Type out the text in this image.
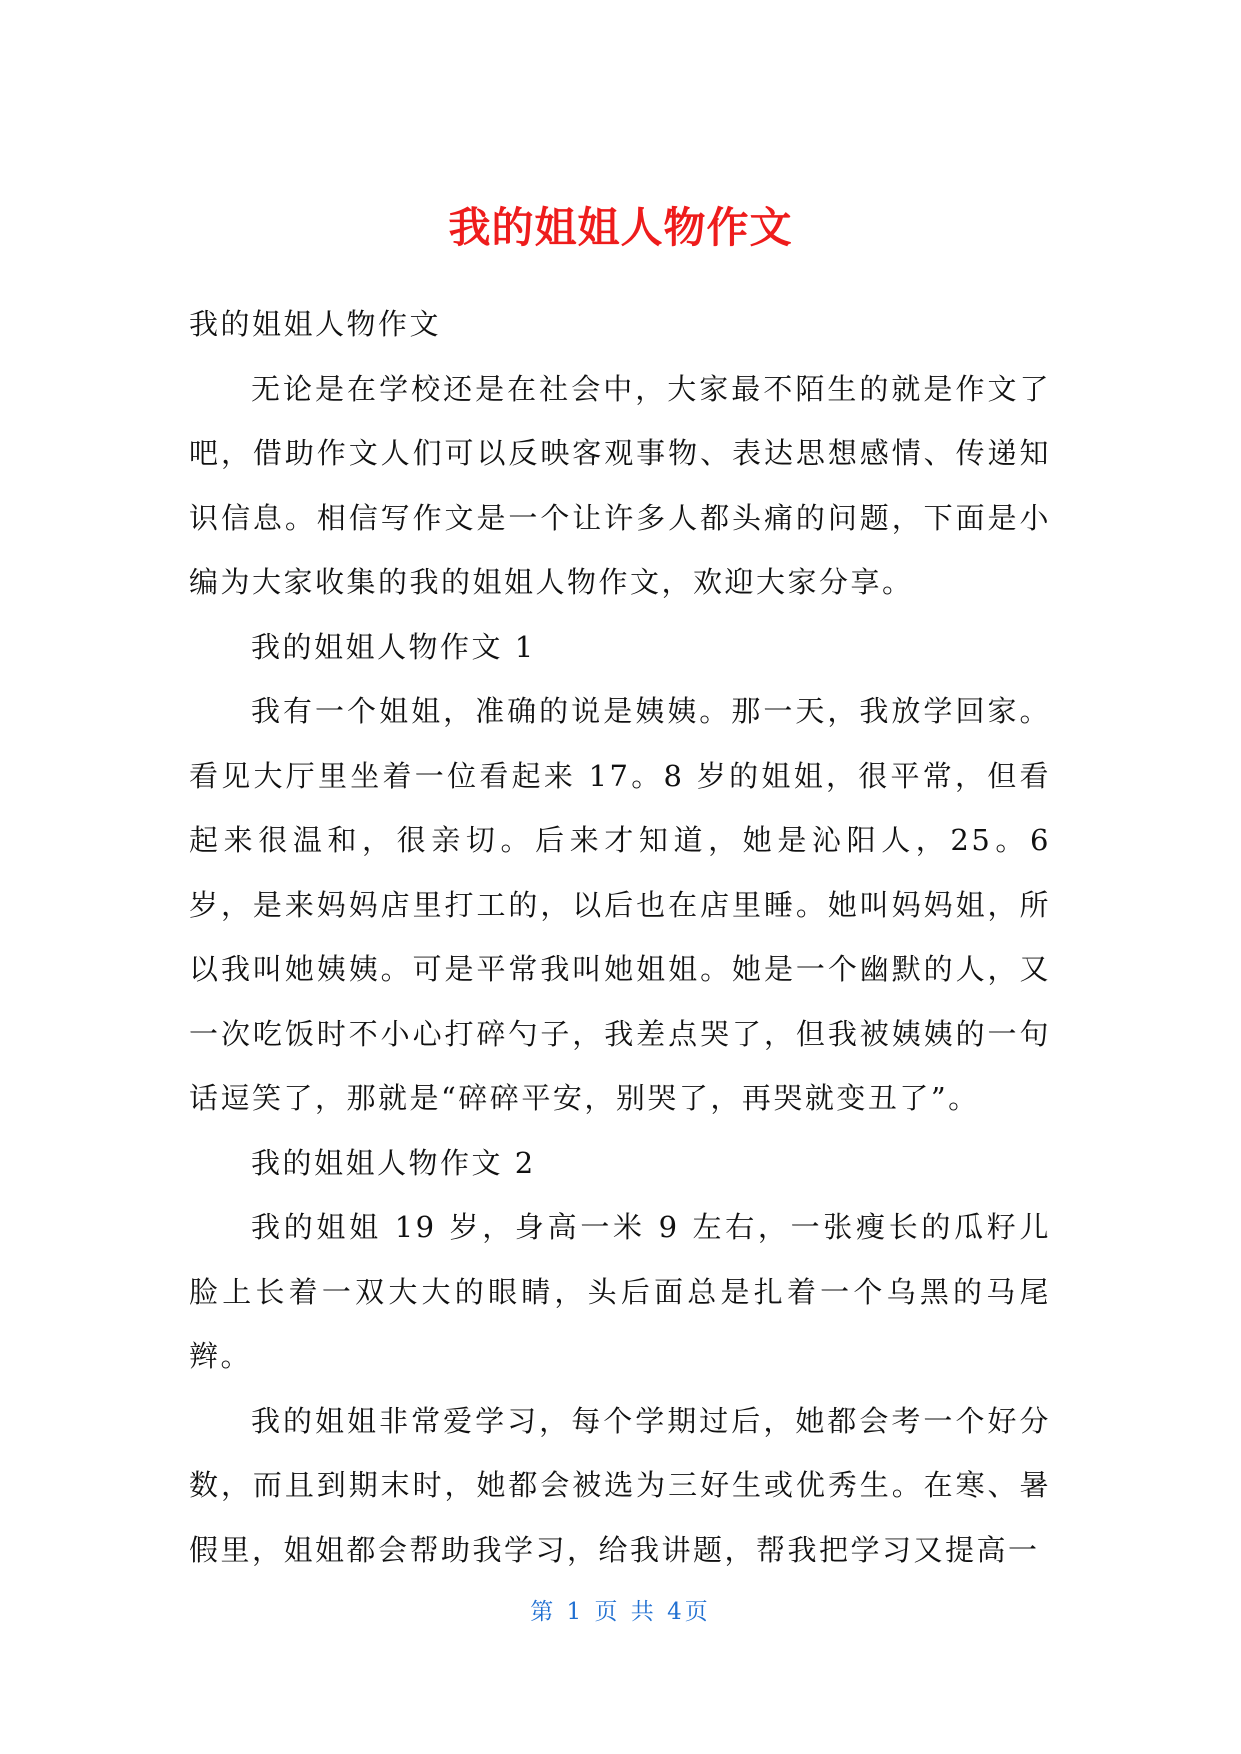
我的姐姐人物作文

我的姐姐人物作文

无论是在学校还是在社会中，大家最不陌生的就是作文了吧，借助作文人们可以反映客观事物、表达思想感情、传递知识信息。相信写作文是一个让许多人都头痛的问题，下面是小编为大家收集的我的姐姐人物作文，欢迎大家分享。

我的姐姐人物作文 1

我有一个姐姐，准确的说是姨姨。那一天，我放学回家。看见大厅里坐着一位看起来 17。8 岁的姐姐，很平常，但看起来很温和，很亲切。后来才知道，她是沁阳人，25。6 岁，是来妈妈店里打工的，以后也在店里睡。她叫妈妈姐，所以我叫她姨姨。可是平常我叫她姐姐。她是一个幽默的人，又一次吃饭时不小心打碎勺子，我差点哭了，但我被姨姨的一句话逗笑了，那就是“碎碎平安，别哭了，再哭就变丑了”。

我的姐姐人物作文 2

我的姐姐 19 岁，身高一米 9 左右，一张瘦长的瓜籽儿脸上长着一双大大的眼睛，头后面总是扎着一个乌黑的马尾辫。

我的姐姐非常爱学习，每个学期过后，她都会考一个好分数，而且到期末时，她都会被选为三好生或优秀生。在寒、暑假里，姐姐都会帮助我学习，给我讲题，帮我把学习又提高一

第 1 页 共 4页
